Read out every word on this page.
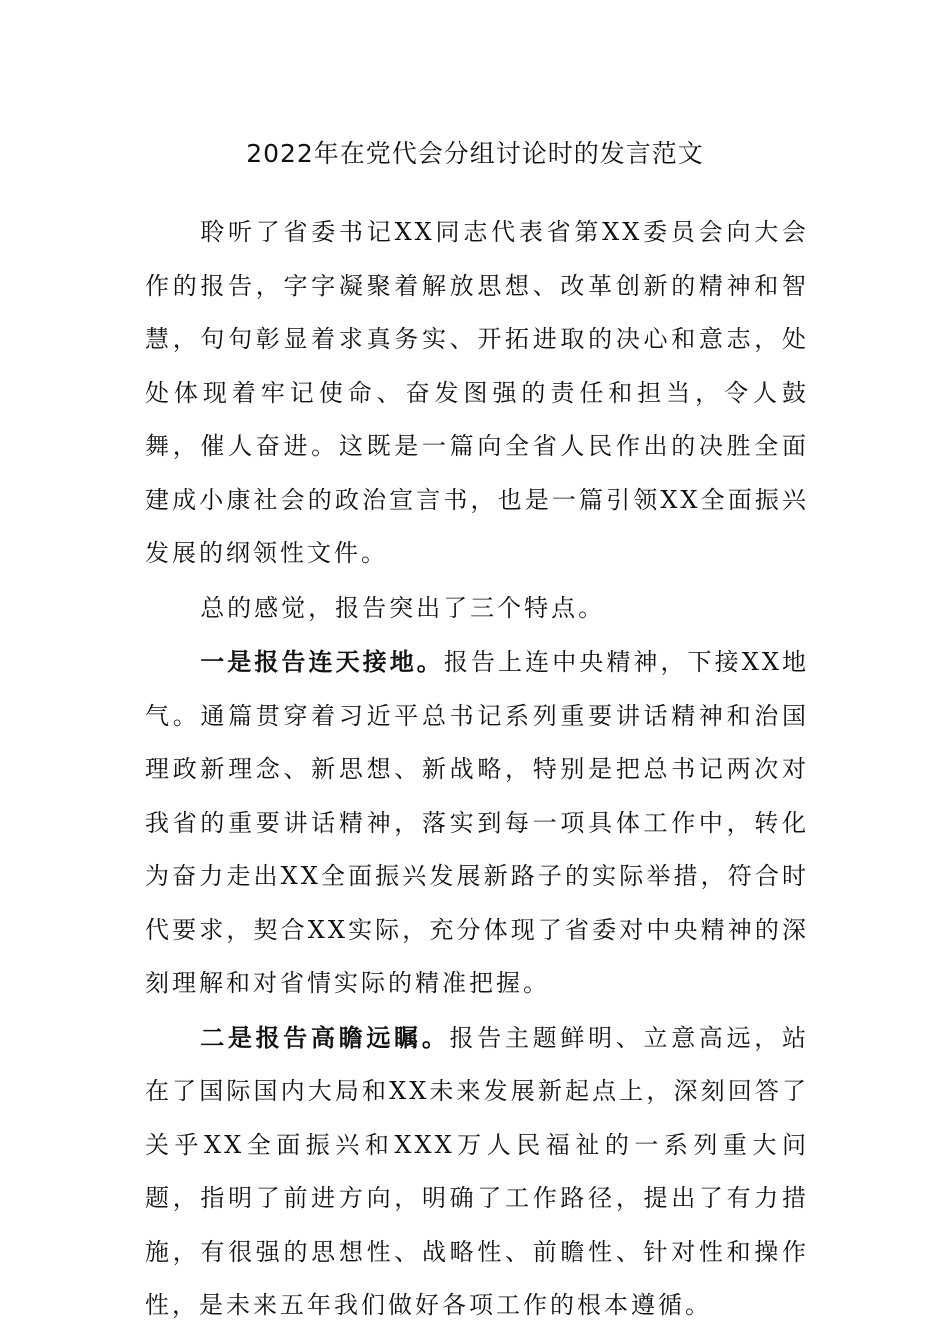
2022年在党代会分组讨论时的发言范文

聆听了省委书记XX同志代表省第XX委员会向大会作的报告，字字凝聚着解放思想、改革创新的精神和智慧，句句彰显着求真务实、开拓进取的决心和意志，处处体现着牢记使命、奋发图强的责任和担当，令人鼓舞，催人奋进。这既是一篇向全省人民作出的决胜全面建成小康社会的政治宣言书，也是一篇引领XX全面振兴发展的纲领性文件。

总的感觉，报告突出了三个特点。

一是报告连天接地。报告上连中央精神，下接XX地气。通篇贯穿着习近平总书记系列重要讲话精神和治国理政新理念、新思想、新战略，特别是把总书记两次对我省的重要讲话精神，落实到每一项具体工作中，转化为奋力走出XX全面振兴发展新路子的实际举措，符合时代要求，契合XX实际，充分体现了省委对中央精神的深刻理解和对省情实际的精准把握。

二是报告高瞻远瞩。报告主题鲜明、立意高远，站在了国际国内大局和XX未来发展新起点上，深刻回答了关乎XX全面振兴和XXX万人民福祉的一系列重大问题，指明了前进方向，明确了工作路径，提出了有力措施，有很强的思想性、战略性、前瞻性、针对性和操作性，是未来五年我们做好各项工作的根本遵循。
